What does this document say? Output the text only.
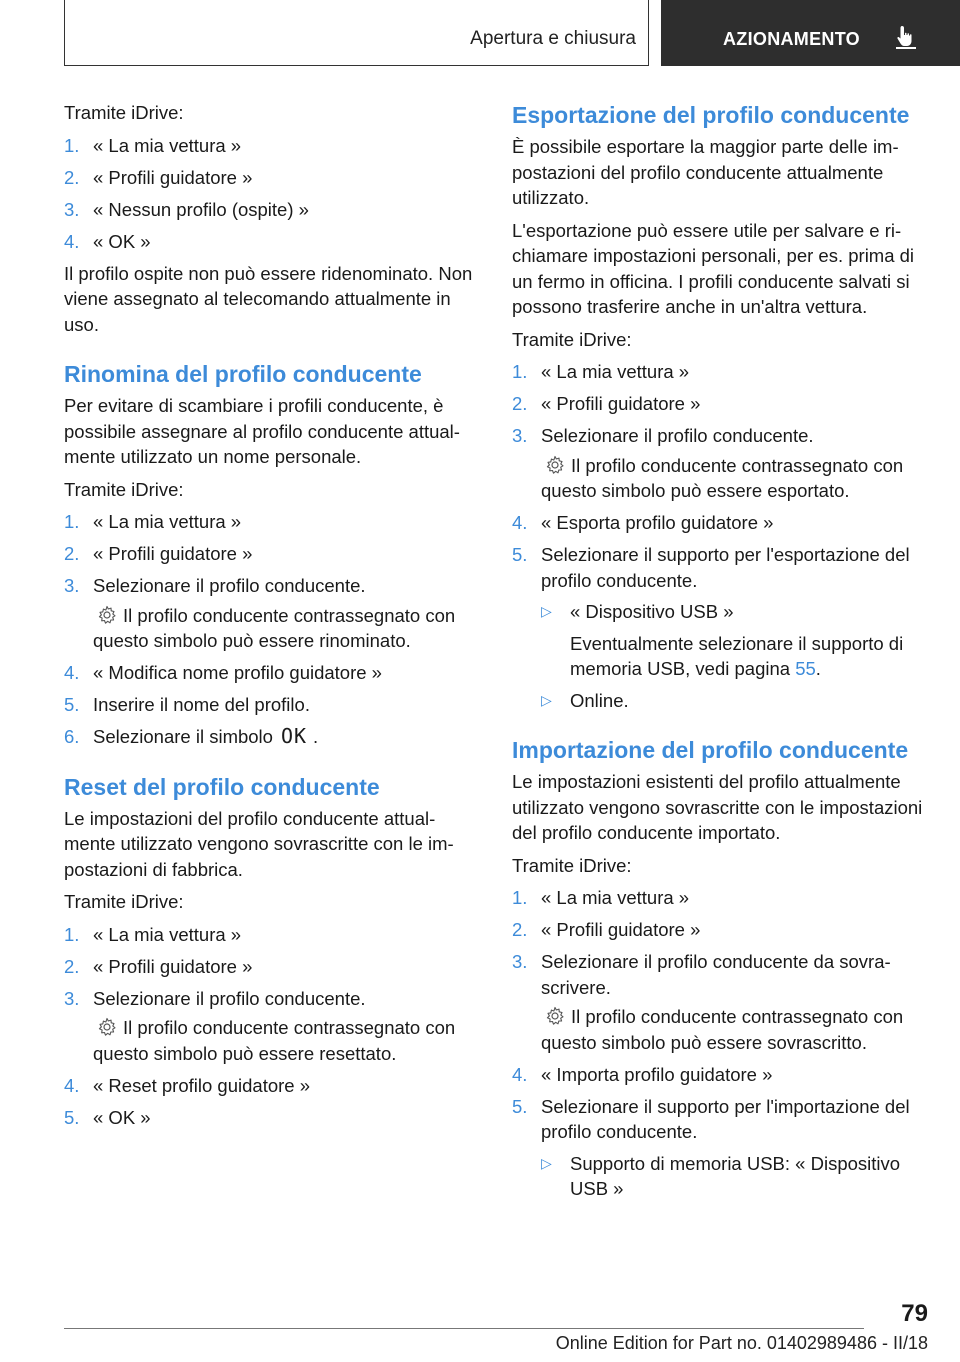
Apertura e chiusura	AZIONAMENTO

Tramite iDrive:

1. « La mia vettura »
2. « Profili guidatore »
3. « Nessun profilo (ospite) »
4. « OK »

Il profilo ospite non può essere ridenominato. Non viene assegnato al telecomando attualmente in uso.

Rinomina del profilo conducente

Per evitare di scambiare i profili conducente, è possibile assegnare al profilo conducente attualmente utilizzato un nome personale.

Tramite iDrive:

1. « La mia vettura »
2. « Profili guidatore »
3. Selezionare il profilo conducente.
Il profilo conducente contrassegnato con questo simbolo può essere rinominato.
4. « Modifica nome profilo guidatore »
5. Inserire il nome del profilo.
6. Selezionare il simbolo OK .
Reset del profilo conducente

Le impostazioni del profilo conducente attualmente utilizzato vengono sovrascritte con le impostazioni di fabbrica.

Tramite iDrive:

1. « La mia vettura »
2. « Profili guidatore »
3. Selezionare il profilo conducente.
Il profilo conducente contrassegnato con questo simbolo può essere resettato.
4. « Reset profilo guidatore »
5. « OK »
Esportazione del profilo conducente

È possibile esportare la maggior parte delle impostazioni del profilo conducente attualmente utilizzato.

L'esportazione può essere utile per salvare e richiamare impostazioni personali, per es. prima di un fermo in officina. I profili conducente salvati si possono trasferire anche in un'altra vettura.

Tramite iDrive:

1. « La mia vettura »
2. « Profili guidatore »
3. Selezionare il profilo conducente.
Il profilo conducente contrassegnato con questo simbolo può essere esportato.
4. « Esporta profilo guidatore »
5. Selezionare il supporto per l'esportazione del profilo conducente.
▷ « Dispositivo USB »
Eventualmente selezionare il supporto di memoria USB, vedi pagina 55.
▷ Online.
Importazione del profilo conducente

Le impostazioni esistenti del profilo attualmente utilizzato vengono sovrascritte con le impostazioni del profilo conducente importato.

Tramite iDrive:

1. « La mia vettura »
2. « Profili guidatore »
3. Selezionare il profilo conducente da sovrascrivere.
Il profilo conducente contrassegnato con questo simbolo può essere sovrascritto.
4. « Importa profilo guidatore »
5. Selezionare il supporto per l'importazione del profilo conducente.
▷ Supporto di memoria USB: « Dispositivo USB »
79
Online Edition for Part no. 01402989486 - II/18
